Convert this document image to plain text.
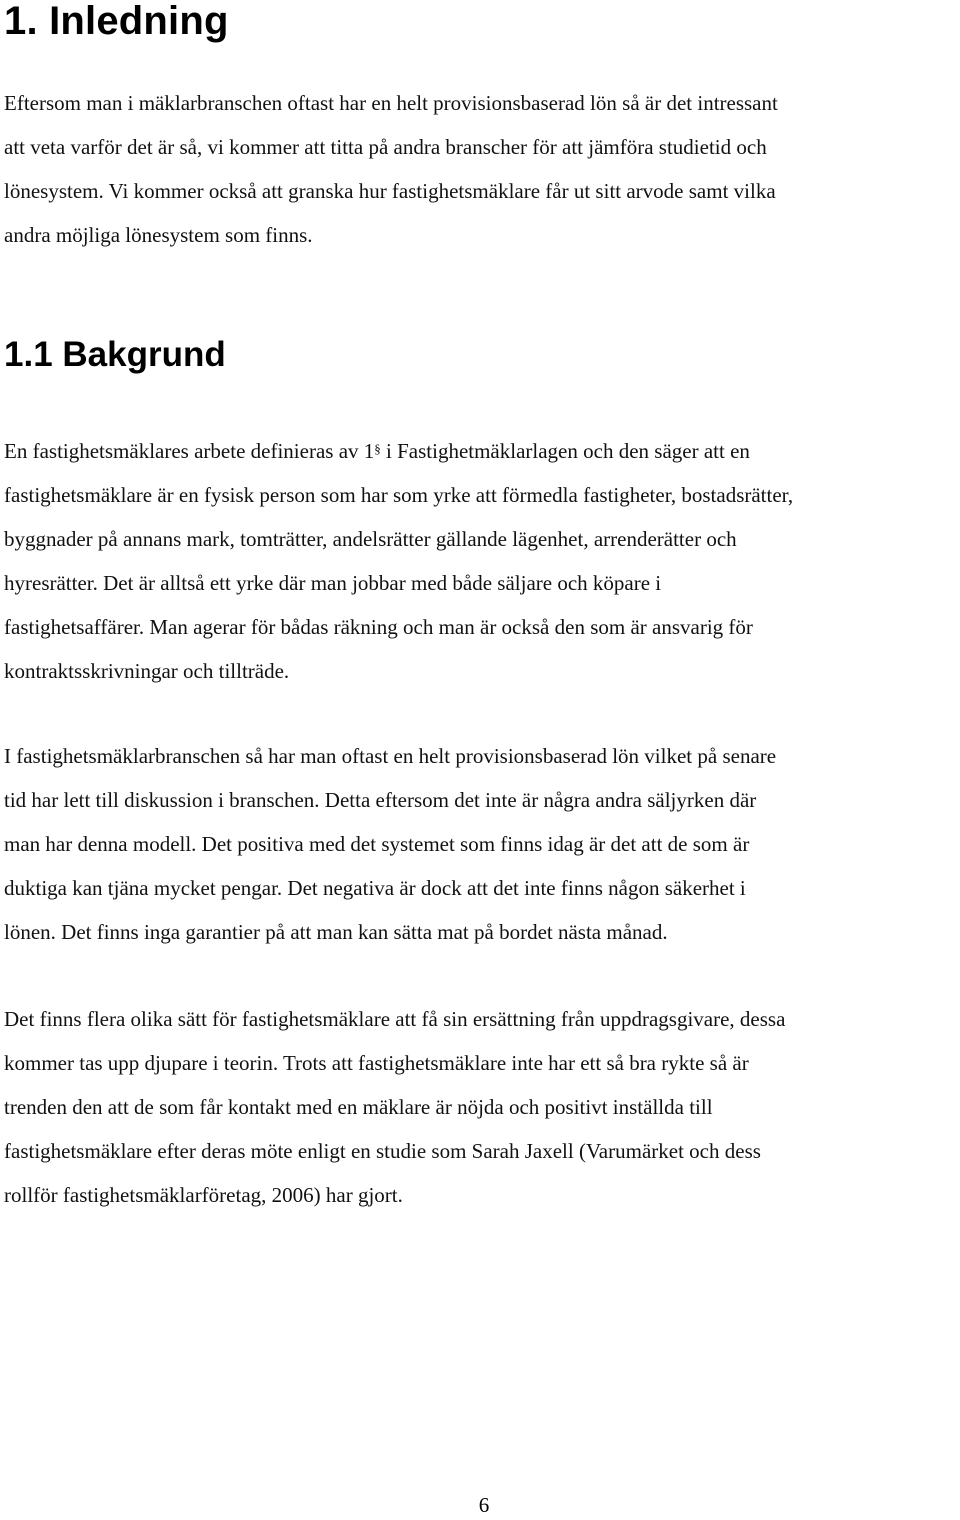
1. Inledning
Eftersom man i mäklarbranschen oftast har en helt provisionsbaserad lön så är det intressant
att veta varför det är så, vi kommer att titta på andra branscher för att jämföra studietid och
lönesystem. Vi kommer också att granska hur fastighetsmäklare får ut sitt arvode samt vilka
andra möjliga lönesystem som finns.
1.1 Bakgrund
En fastighetsmäklares arbete definieras av 1§ i Fastighetmäklarlagen och den säger att en
fastighetsmäklare är en fysisk person som har som yrke att förmedla fastigheter, bostadsrätter,
byggnader på annans mark, tomträtter, andelsrätter gällande lägenhet, arrenderätter och
hyresrätter. Det är alltså ett yrke där man jobbar med både säljare och köpare i
fastighetsaffärer. Man agerar för bådas räkning och man är också den som är ansvarig för
kontraktsskrivningar och tillträde.
I fastighetsmäklarbranschen så har man oftast en helt provisionsbaserad lön vilket på senare
tid har lett till diskussion i branschen. Detta eftersom det inte är några andra säljyrken där
man har denna modell. Det positiva med det systemet som finns idag är det att de som är
duktiga kan tjäna mycket pengar. Det negativa är dock att det inte finns någon säkerhet i
lönen. Det finns inga garantier på att man kan sätta mat på bordet nästa månad.
Det finns flera olika sätt för fastighetsmäklare att få sin ersättning från uppdragsgivare, dessa
kommer tas upp djupare i teorin. Trots att fastighetsmäklare inte har ett så bra rykte så är
trenden den att de som får kontakt med en mäklare är nöjda och positivt inställda till
fastighetsmäklare efter deras möte enligt en studie som Sarah Jaxell (Varumärket och dess
rollför fastighetsmäklarföretag, 2006) har gjort.
6
